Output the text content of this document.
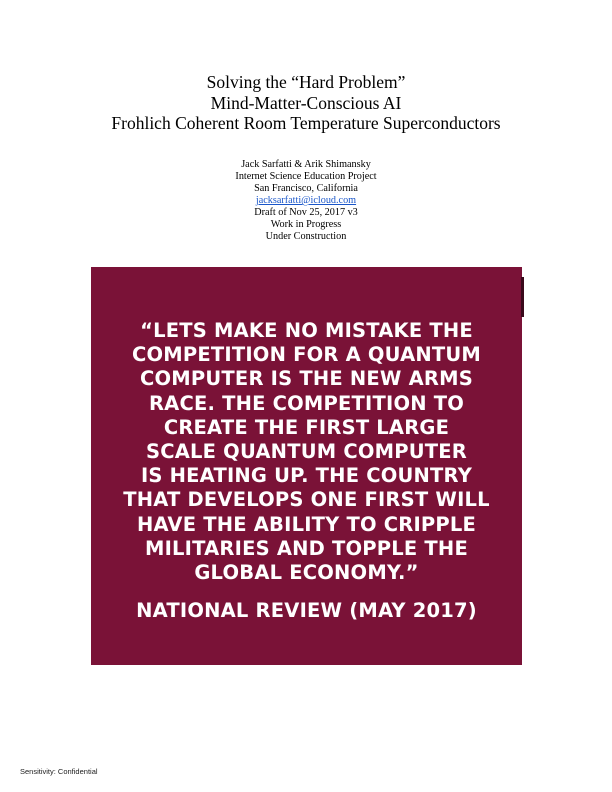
Solving the “Hard Problem”

Mind-Matter-Conscious AI

Frohlich Coherent Room Temperature Superconductors

Jack Sarfatti & Arik Shimansky

Internet Science Education Project

San Francisco, California

jacksarfatti@icloud.com

Draft of Nov 25, 2017 v3

Work in Progress

Under Construction

“LETS MAKE NO MISTAKE THE

COMPETITION FOR A QUANTUM

COMPUTER IS THE NEW ARMS

RACE. THE COMPETITION TO

CREATE THE FIRST LARGE

SCALE QUANTUM COMPUTER

IS HEATING UP. THE COUNTRY

THAT DEVELOPS ONE FIRST WILL

HAVE THE ABILITY TO CRIPPLE

MILITARIES AND TOPPLE THE

GLOBAL ECONOMY.”

NATIONAL REVIEW (MAY 2017)
Sensitivity: Confidential
